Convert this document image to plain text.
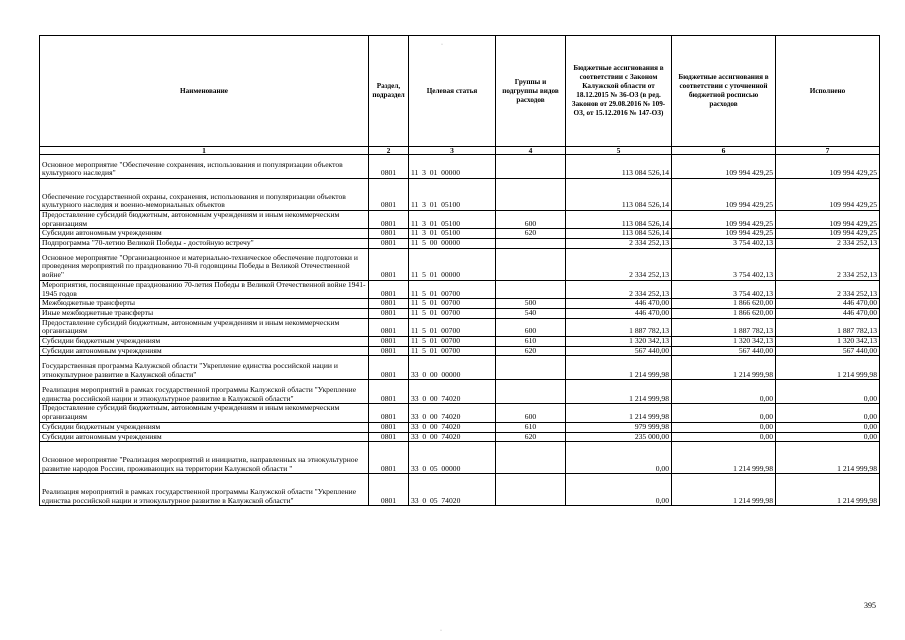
Наименование	Раздел, подраздел	Целевая статья	Группы и подгруппы видов расходов	Бюджетные ассигнования в соответствии с Законом Калужской области от 18.12.2015 № 36-ОЗ (в ред. Законов от 29.08.2016 № 109-ОЗ, от 15.12.2016 № 147-ОЗ)	Бюджетные ассигнования в соответствии с уточненной бюджетной росписью расходов	Исполнено
1	2	3	4	5	6	7
Основное мероприятие "Обеспечение сохранения, использования и популяризации объектов культурного наследия"	0801	11  3  01  00000		113 084 526,14	109 994 429,25	109 994 429,25
Обеспечение государственной охраны, сохранения, использования и популяризации объектов культурного наследия и военно-мемориальных объектов	0801	11  3  01  05100		113 084 526,14	109 994 429,25	109 994 429,25
Предоставление субсидий бюджетным, автономным учреждениям и иным некоммерческим организациям	0801	11  3  01  05100	600	113 084 526,14	109 994 429,25	109 994 429,25
Субсидии автономным учреждениям	0801	11  3  01  05100	620	113 084 526,14	109 994 429,25	109 994 429,25
Подпрограмма "70-летию Великой Победы - достойную встречу"	0801	11  5  00  00000		2 334 252,13	3 754 402,13	2 334 252,13
Основное мероприятие "Организационное и материально-техническое обеспечение подготовки и проведения мероприятий по празднованию 70-й годовщины Победы в Великой Отечественной войне"	0801	11  5  01  00000		2 334 252,13	3 754 402,13	2 334 252,13
Мероприятия, посвященные празднованию 70-летия Победы в Великой Отечественной войне 1941-1945 годов	0801	11  5  01  00700		2 334 252,13	3 754 402,13	2 334 252,13
Межбюджетные трансферты	0801	11  5  01  00700	500	446 470,00	1 866 620,00	446 470,00
Иные межбюджетные трансферты	0801	11  5  01  00700	540	446 470,00	1 866 620,00	446 470,00
Предоставление субсидий бюджетным, автономным учреждениям и иным некоммерческим организациям	0801	11  5  01  00700	600	1 887 782,13	1 887 782,13	1 887 782,13
Субсидии бюджетным учреждениям	0801	11  5  01  00700	610	1 320 342,13	1 320 342,13	1 320 342,13
Субсидии автономным учреждениям	0801	11  5  01  00700	620	567 440,00	567 440,00	567 440,00
Государственная программа Калужской области "Укрепление единства российской нации и этнокультурное развитие в Калужской области"	0801	33  0  00  00000		1 214 999,98	1 214 999,98	1 214 999,98
Реализация мероприятий в рамках государственной программы Калужской области "Укрепление единства российской нации и этнокультурное развитие в Калужской области"	0801	33  0  00  74020		1 214 999,98	0,00	0,00
Предоставление субсидий бюджетным, автономным учреждениям и иным некоммерческим организациям	0801	33  0  00  74020	600	1 214 999,98	0,00	0,00
Субсидии бюджетным учреждениям	0801	33  0  00  74020	610	979 999,98	0,00	0,00
Субсидии автономным учреждениям	0801	33  0  00  74020	620	235 000,00	0,00	0,00
Основное мероприятие "Реализация мероприятий и инициатив, направленных на этнокультурное развитие народов России, проживающих на территории Калужской области "	0801	33  0  05  00000		0,00	1 214 999,98	1 214 999,98
Реализация мероприятий в рамках государственной программы Калужской области "Укрепление единства российской нации и этнокультурное развитие в Калужской области"	0801	33  0  05  74020		0,00	1 214 999,98	1 214 999,98
395
·
·
